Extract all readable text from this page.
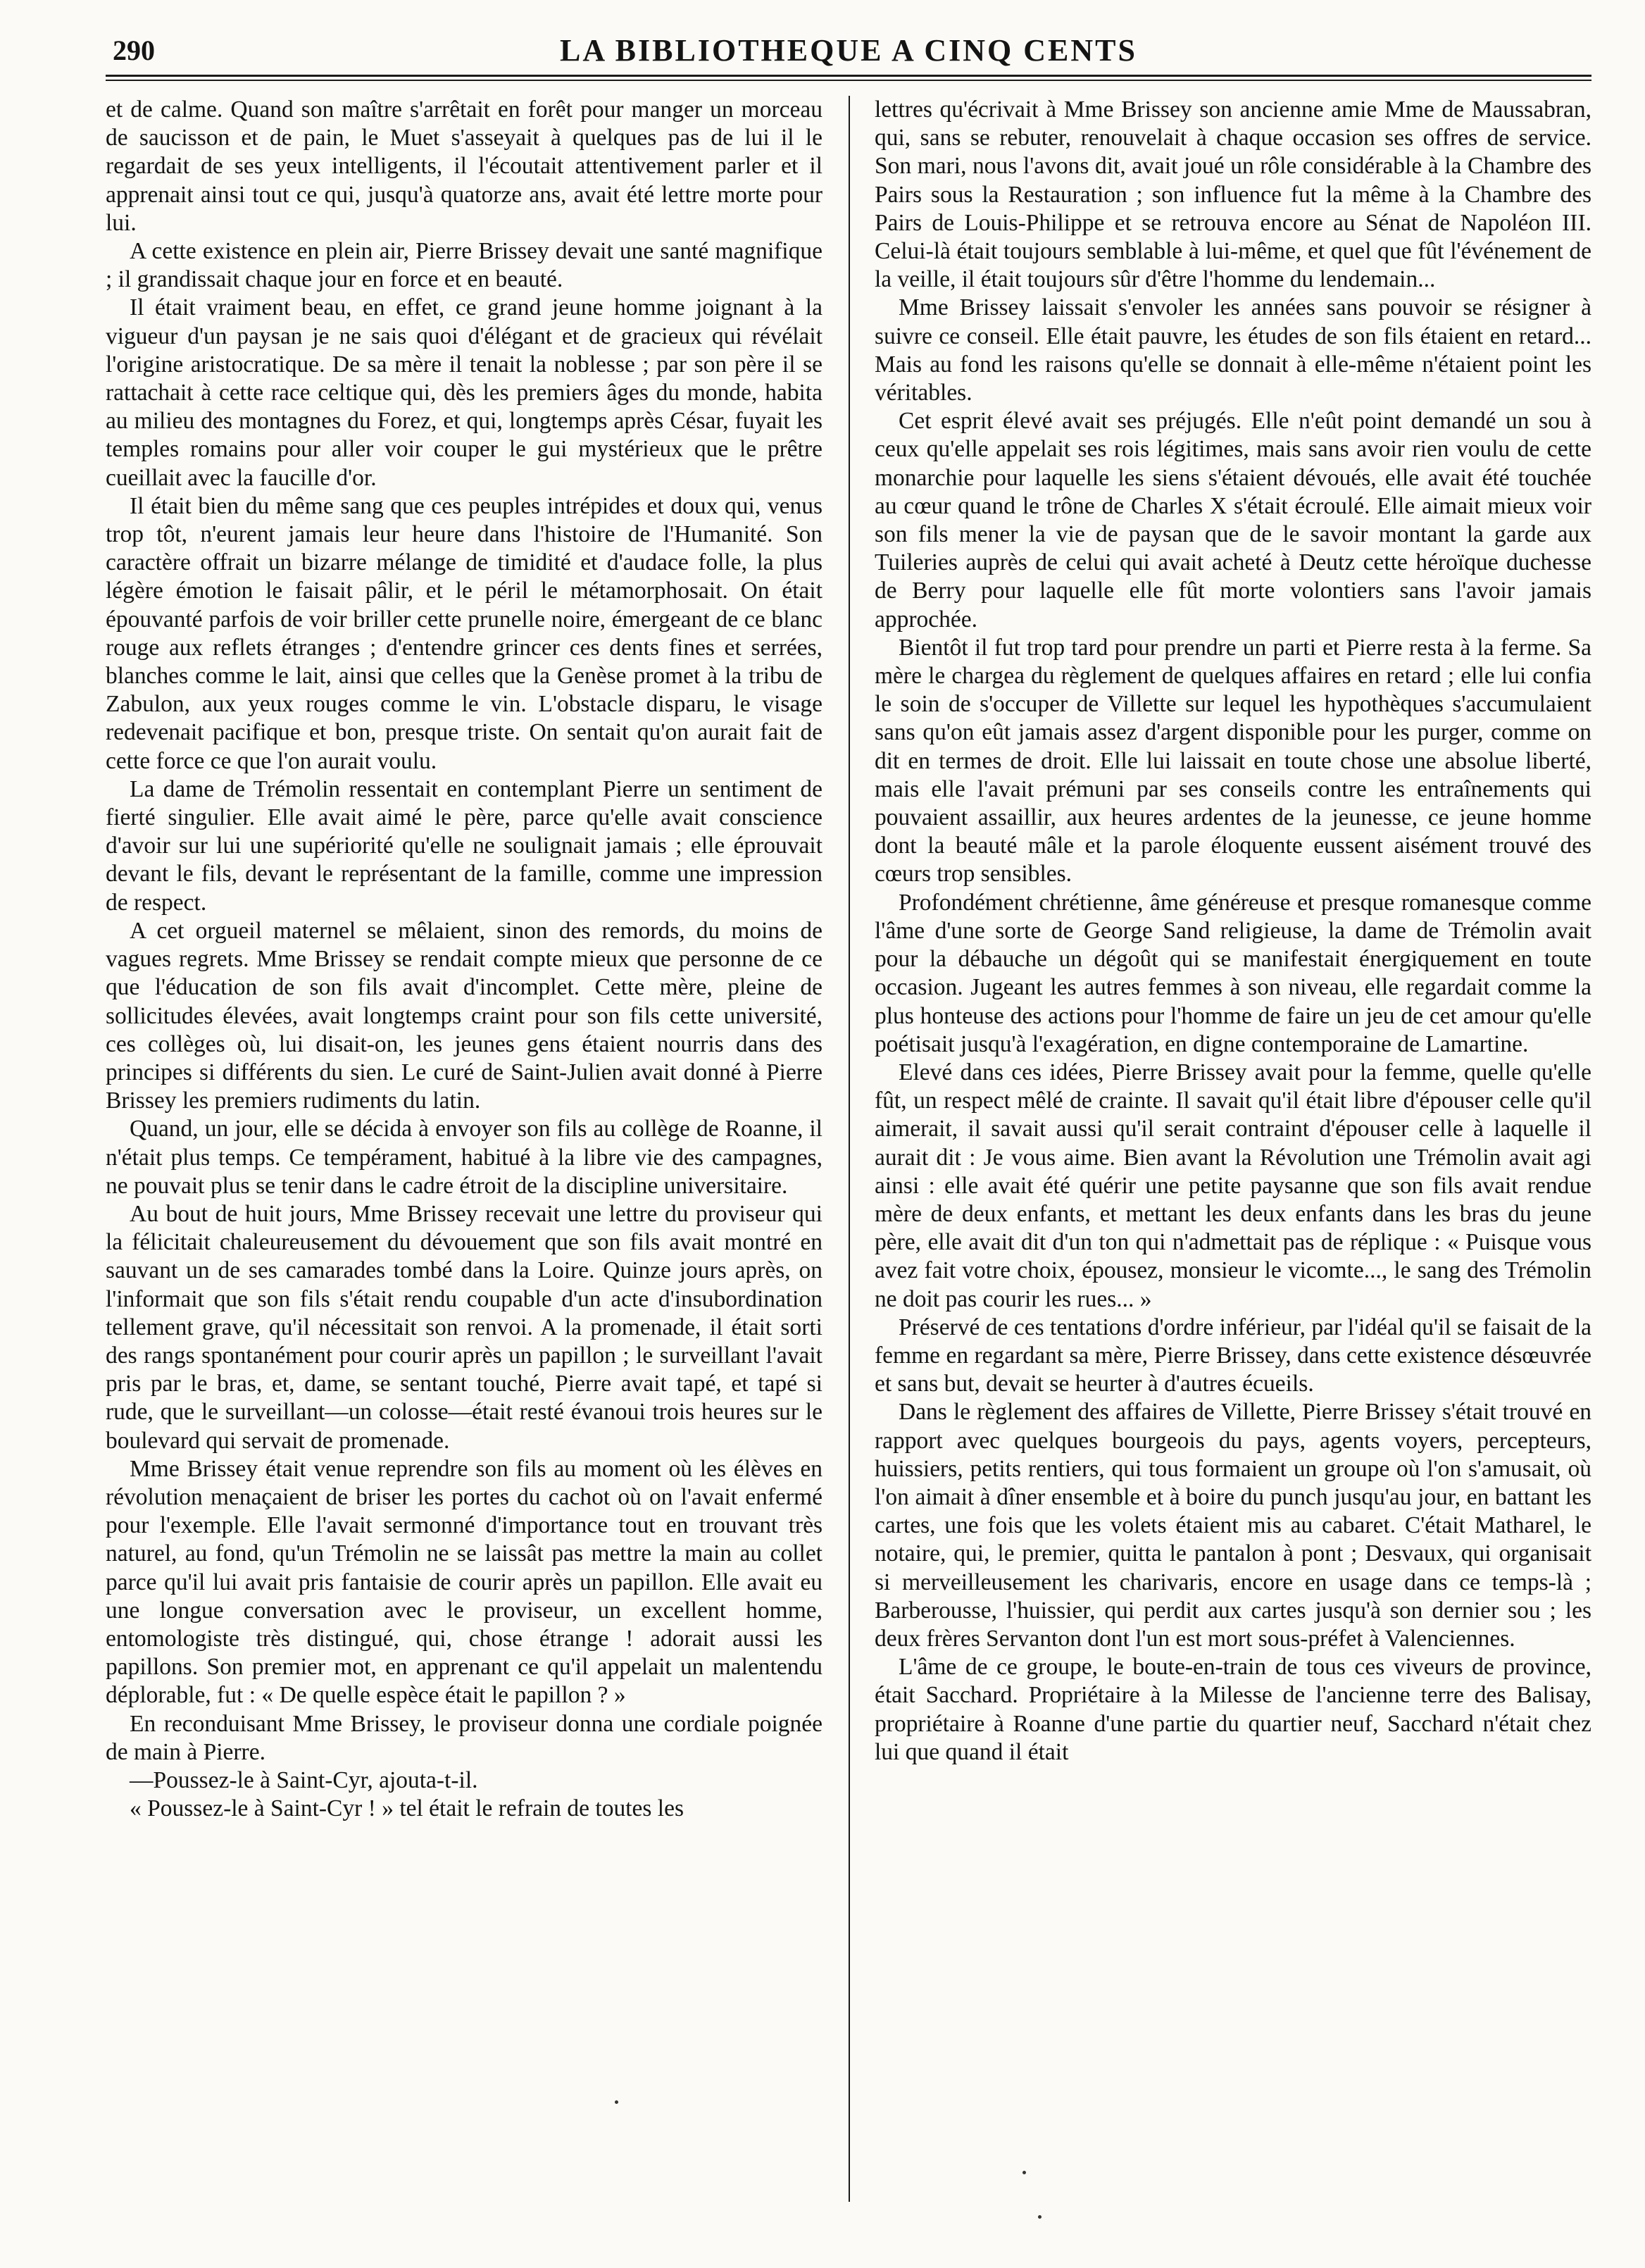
290	LA BIBLIOTHEQUE A CINQ CENTS

et de calme. Quand son maître s'arrêtait en forêt pour manger un morceau de saucisson et de pain, le Muet s'asseyait à quelques pas de lui il le regardait de ses yeux intelligents, il l'écoutait attentivement parler et il apprenait ainsi tout ce qui, jusqu'à quatorze ans, avait été lettre morte pour lui.

A cette existence en plein air, Pierre Brissey devait une santé magnifique ; il grandissait chaque jour en force et en beauté.

Il était vraiment beau, en effet, ce grand jeune homme joignant à la vigueur d'un paysan je ne sais quoi d'élégant et de gracieux qui révélait l'origine aristocratique. De sa mère il tenait la noblesse ; par son père il se rattachait à cette race celtique qui, dès les premiers âges du monde, habita au milieu des montagnes du Forez, et qui, longtemps après César, fuyait les temples romains pour aller voir couper le gui mystérieux que le prêtre cueillait avec la faucille d'or.

Il était bien du même sang que ces peuples intrépides et doux qui, venus trop tôt, n'eurent jamais leur heure dans l'histoire de l'Humanité. Son caractère offrait un bizarre mélange de timidité et d'audace folle, la plus légère émotion le faisait pâlir, et le péril le métamorphosait. On était épouvanté parfois de voir briller cette prunelle noire, émergeant de ce blanc rouge aux reflets étranges ; d'entendre grincer ces dents fines et serrées, blanches comme le lait, ainsi que celles que la Genèse promet à la tribu de Zabulon, aux yeux rouges comme le vin. L'obstacle disparu, le visage redevenait pacifique et bon, presque triste. On sentait qu'on aurait fait de cette force ce que l'on aurait voulu.

La dame de Trémolin ressentait en contemplant Pierre un sentiment de fierté singulier. Elle avait aimé le père, parce qu'elle avait conscience d'avoir sur lui une supériorité qu'elle ne soulignait jamais ; elle éprouvait devant le fils, devant le représentant de la famille, comme une impression de respect.

A cet orgueil maternel se mêlaient, sinon des remords, du moins de vagues regrets. Mme Brissey se rendait compte mieux que personne de ce que l'éducation de son fils avait d'incomplet. Cette mère, pleine de sollicitudes élevées, avait longtemps craint pour son fils cette université, ces collèges où, lui disait-on, les jeunes gens étaient nourris dans des principes si différents du sien. Le curé de Saint-Julien avait donné à Pierre Brissey les premiers rudiments du latin.

Quand, un jour, elle se décida à envoyer son fils au collège de Roanne, il n'était plus temps. Ce tempérament, habitué à la libre vie des campagnes, ne pouvait plus se tenir dans le cadre étroit de la discipline universitaire.

Au bout de huit jours, Mme Brissey recevait une lettre du proviseur qui la félicitait chaleureusement du dévouement que son fils avait montré en sauvant un de ses camarades tombé dans la Loire. Quinze jours après, on l'informait que son fils s'était rendu coupable d'un acte d'insubordination tellement grave, qu'il nécessitait son renvoi. A la promenade, il était sorti des rangs spontanément pour courir après un papillon ; le surveillant l'avait pris par le bras, et, dame, se sentant touché, Pierre avait tapé, et tapé si rude, que le surveillant—un colosse—était resté évanoui trois heures sur le boulevard qui servait de promenade.

Mme Brissey était venue reprendre son fils au moment où les élèves en révolution menaçaient de briser les portes du cachot où on l'avait enfermé pour l'exemple. Elle l'avait sermonné d'importance tout en trouvant très naturel, au fond, qu'un Trémolin ne se laissât pas mettre la main au collet parce qu'il lui avait pris fantaisie de courir après un papillon. Elle avait eu une longue conversation avec le proviseur, un excellent homme, entomologiste très distingué, qui, chose étrange ! adorait aussi les papillons. Son premier mot, en apprenant ce qu'il appelait un malentendu déplorable, fut : « De quelle espèce était le papillon ? »

En reconduisant Mme Brissey, le proviseur donna une cordiale poignée de main à Pierre.

—Poussez-le à Saint-Cyr, ajouta-t-il.

« Poussez-le à Saint-Cyr ! » tel était le refrain de toutes les

lettres qu'écrivait à Mme Brissey son ancienne amie Mme de Maussabran, qui, sans se rebuter, renouvelait à chaque occasion ses offres de service. Son mari, nous l'avons dit, avait joué un rôle considérable à la Chambre des Pairs sous la Restauration ; son influence fut la même à la Chambre des Pairs de Louis-Philippe et se retrouva encore au Sénat de Napoléon III. Celui-là était toujours semblable à lui-même, et quel que fût l'événement de la veille, il était toujours sûr d'être l'homme du lendemain...

Mme Brissey laissait s'envoler les années sans pouvoir se résigner à suivre ce conseil. Elle était pauvre, les études de son fils étaient en retard... Mais au fond les raisons qu'elle se donnait à elle-même n'étaient point les véritables.

Cet esprit élevé avait ses préjugés. Elle n'eût point demandé un sou à ceux qu'elle appelait ses rois légitimes, mais sans avoir rien voulu de cette monarchie pour laquelle les siens s'étaient dévoués, elle avait été touchée au cœur quand le trône de Charles X s'était écroulé. Elle aimait mieux voir son fils mener la vie de paysan que de le savoir montant la garde aux Tuileries auprès de celui qui avait acheté à Deutz cette héroïque duchesse de Berry pour laquelle elle fût morte volontiers sans l'avoir jamais approchée.

Bientôt il fut trop tard pour prendre un parti et Pierre resta à la ferme. Sa mère le chargea du règlement de quelques affaires en retard ; elle lui confia le soin de s'occuper de Villette sur lequel les hypothèques s'accumulaient sans qu'on eût jamais assez d'argent disponible pour les purger, comme on dit en termes de droit. Elle lui laissait en toute chose une absolue liberté, mais elle l'avait prémuni par ses conseils contre les entraînements qui pouvaient assaillir, aux heures ardentes de la jeunesse, ce jeune homme dont la beauté mâle et la parole éloquente eussent aisément trouvé des cœurs trop sensibles.

Profondément chrétienne, âme généreuse et presque romanesque comme l'âme d'une sorte de George Sand religieuse, la dame de Trémolin avait pour la débauche un dégoût qui se manifestait énergiquement en toute occasion. Jugeant les autres femmes à son niveau, elle regardait comme la plus honteuse des actions pour l'homme de faire un jeu de cet amour qu'elle poétisait jusqu'à l'exagération, en digne contemporaine de Lamartine.

Elevé dans ces idées, Pierre Brissey avait pour la femme, quelle qu'elle fût, un respect mêlé de crainte. Il savait qu'il était libre d'épouser celle qu'il aimerait, il savait aussi qu'il serait contraint d'épouser celle à laquelle il aurait dit : Je vous aime. Bien avant la Révolution une Trémolin avait agi ainsi : elle avait été quérir une petite paysanne que son fils avait rendue mère de deux enfants, et mettant les deux enfants dans les bras du jeune père, elle avait dit d'un ton qui n'admettait pas de réplique : « Puisque vous avez fait votre choix, épousez, monsieur le vicomte..., le sang des Trémolin ne doit pas courir les rues... »

Préservé de ces tentations d'ordre inférieur, par l'idéal qu'il se faisait de la femme en regardant sa mère, Pierre Brissey, dans cette existence désœuvrée et sans but, devait se heurter à d'autres écueils.

Dans le règlement des affaires de Villette, Pierre Brissey s'était trouvé en rapport avec quelques bourgeois du pays, agents voyers, percepteurs, huissiers, petits rentiers, qui tous formaient un groupe où l'on s'amusait, où l'on aimait à dîner ensemble et à boire du punch jusqu'au jour, en battant les cartes, une fois que les volets étaient mis au cabaret. C'était Matharel, le notaire, qui, le premier, quitta le pantalon à pont ; Desvaux, qui organisait si merveilleusement les charivaris, encore en usage dans ce temps-là ; Barberousse, l'huissier, qui perdit aux cartes jusqu'à son dernier sou ; les deux frères Servanton dont l'un est mort sous-préfet à Valenciennes.

L'âme de ce groupe, le boute-en-train de tous ces viveurs de province, était Sacchard. Propriétaire à la Milesse de l'ancienne terre des Balisay, propriétaire à Roanne d'une partie du quartier neuf, Sacchard n'était chez lui que quand il était
